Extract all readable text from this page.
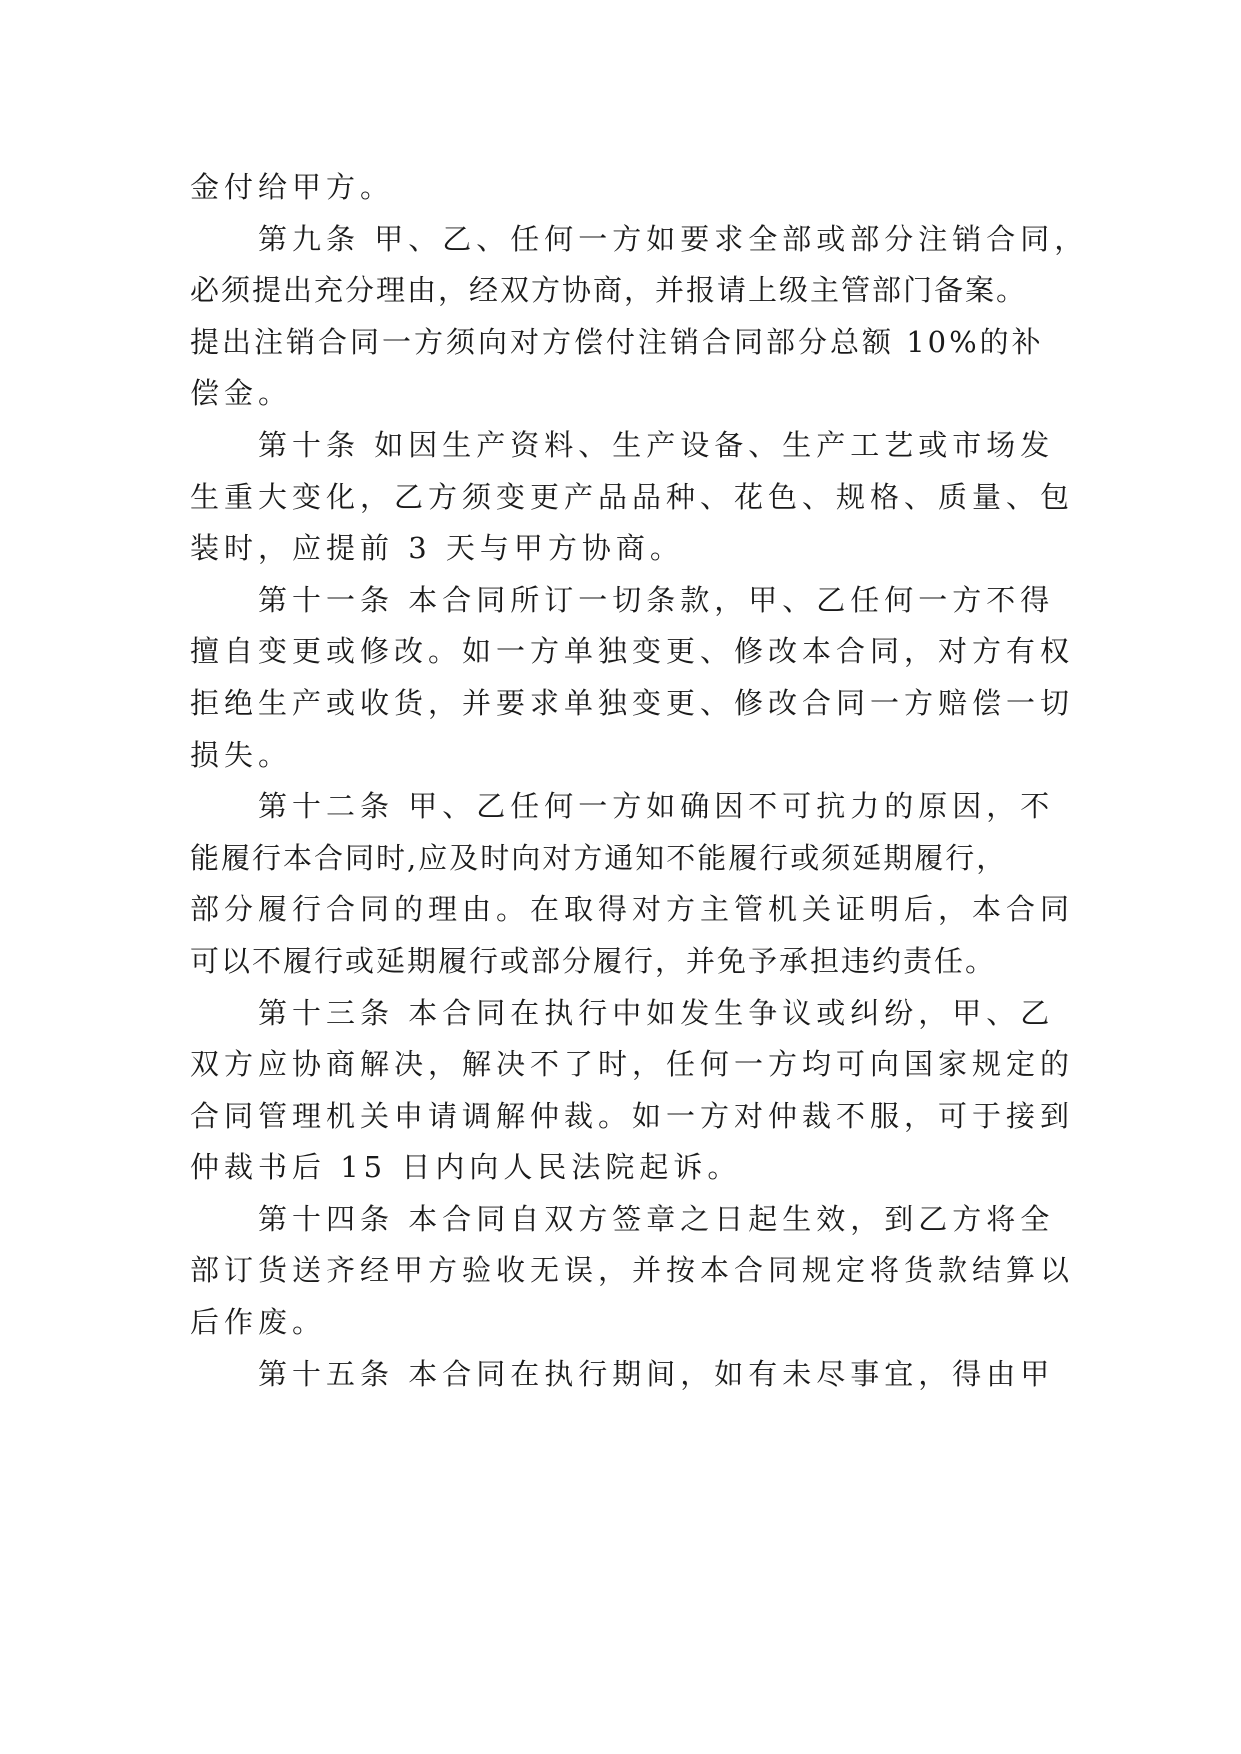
金付给甲方。
第九条 甲、乙、任何一方如要求全部或部分注销合同，
必须提出充分理由，经双方协商，并报请上级主管部门备案。
提出注销合同一方须向对方偿付注销合同部分总额 10%的补
偿金。
第十条 如因生产资料、生产设备、生产工艺或市场发
生重大变化，乙方须变更产品品种、花色、规格、质量、包
装时，应提前 3 天与甲方协商。
第十一条 本合同所订一切条款，甲、乙任何一方不得
擅自变更或修改。如一方单独变更、修改本合同，对方有权
拒绝生产或收货，并要求单独变更、修改合同一方赔偿一切
损失。
第十二条 甲、乙任何一方如确因不可抗力的原因，不
能履行本合同时,应及时向对方通知不能履行或须延期履行，
部分履行合同的理由。在取得对方主管机关证明后，本合同
可以不履行或延期履行或部分履行，并免予承担违约责任。
第十三条 本合同在执行中如发生争议或纠纷，甲、乙
双方应协商解决，解决不了时，任何一方均可向国家规定的
合同管理机关申请调解仲裁。如一方对仲裁不服，可于接到
仲裁书后 15 日内向人民法院起诉。
第十四条 本合同自双方签章之日起生效，到乙方将全
部订货送齐经甲方验收无误，并按本合同规定将货款结算以
后作废。
第十五条 本合同在执行期间，如有未尽事宜，得由甲
